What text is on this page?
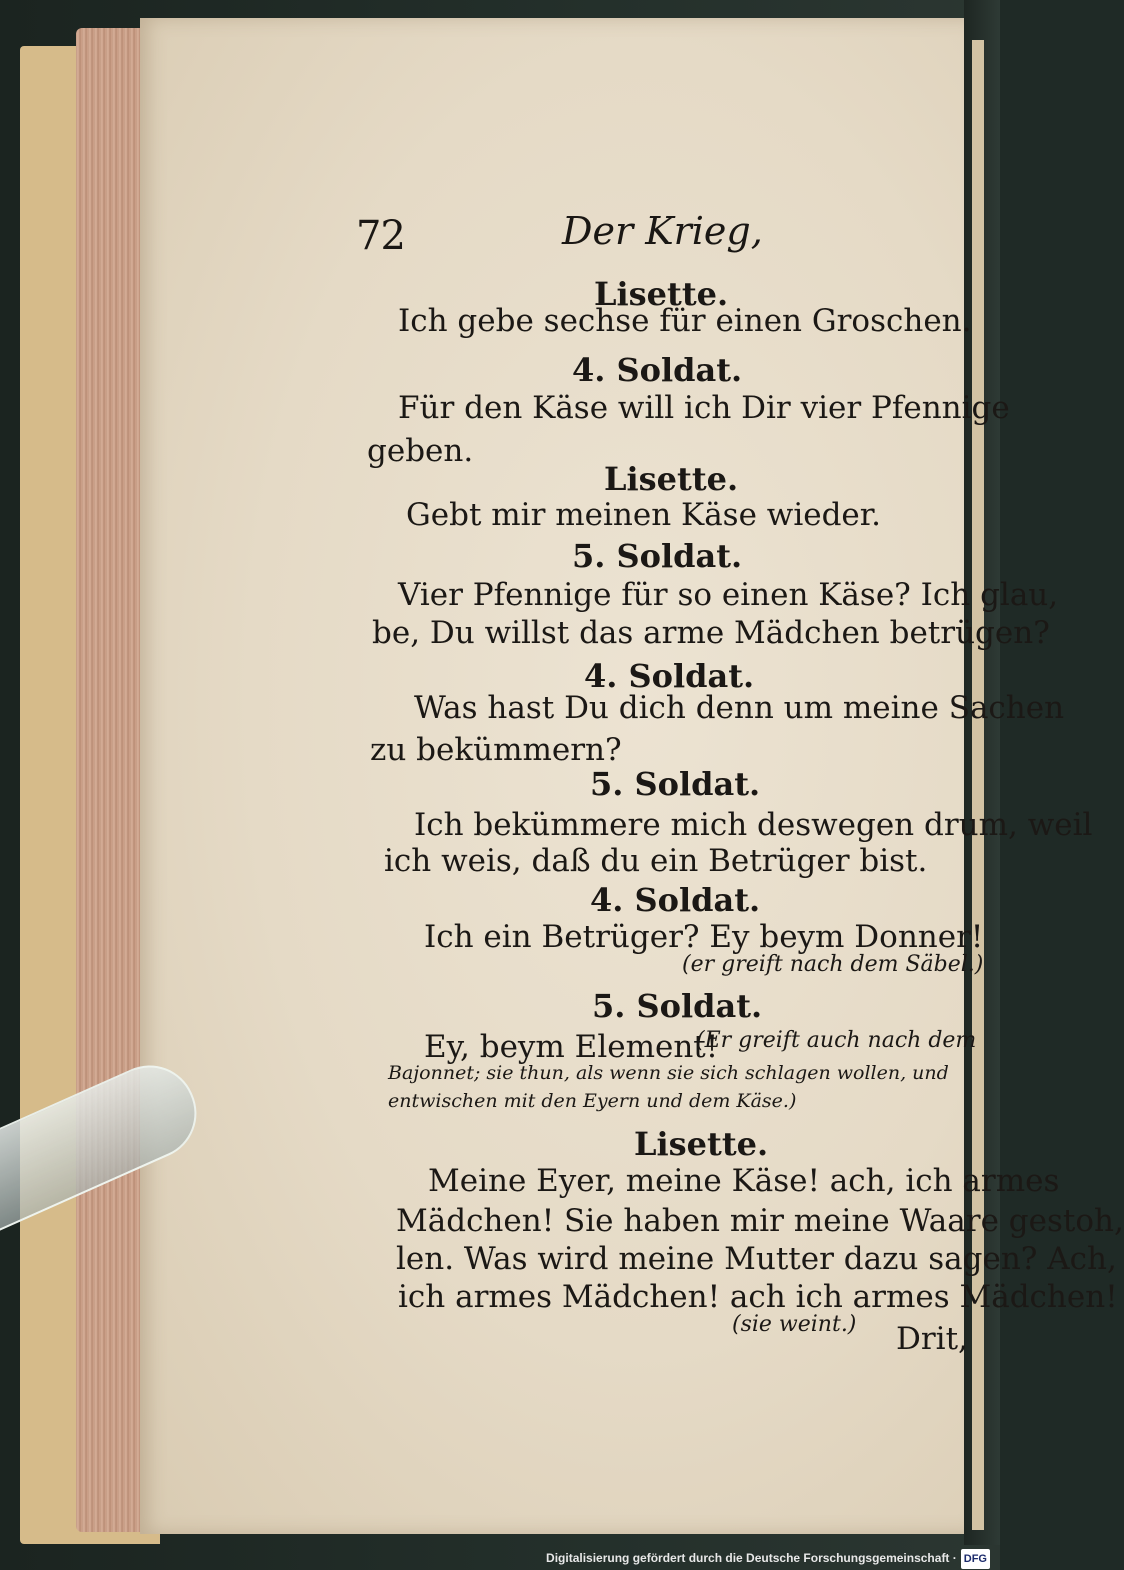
72	Der Krieg,
Lisette.
Ich gebe sechse für einen Groschen.
4. Soldat.
Für den Käse will ich Dir vier Pfennige
geben.
Lisette.
Gebt mir meinen Käse wieder.
5. Soldat.
Vier Pfennige für so einen Käse? Ich glau,
be, Du willst das arme Mädchen betrügen?
4. Soldat.
Was hast Du dich denn um meine Sachen
zu bekümmern?
5. Soldat.
Ich bekümmere mich deswegen drum, weil
ich weis, daß du ein Betrüger bist.
4. Soldat.
Ich ein Betrüger? Ey beym Donner!
(er greift nach dem Säbel.)
5. Soldat.
Ey, beym Element!
(Er greift auch nach dem
Bajonnet; sie thun, als wenn sie sich schlagen wollen, und
entwischen mit den Eyern und dem Käse.)
Lisette.
Meine Eyer, meine Käse! ach, ich armes
Mädchen! Sie haben mir meine Waare gestoh,
len. Was wird meine Mutter dazu sagen? Ach,
ich armes Mädchen! ach ich armes Mädchen!
(sie weint.) Drit,
Digitalisierung gefördert durch die Deutsche Forschungsgemeinschaft · DFG
